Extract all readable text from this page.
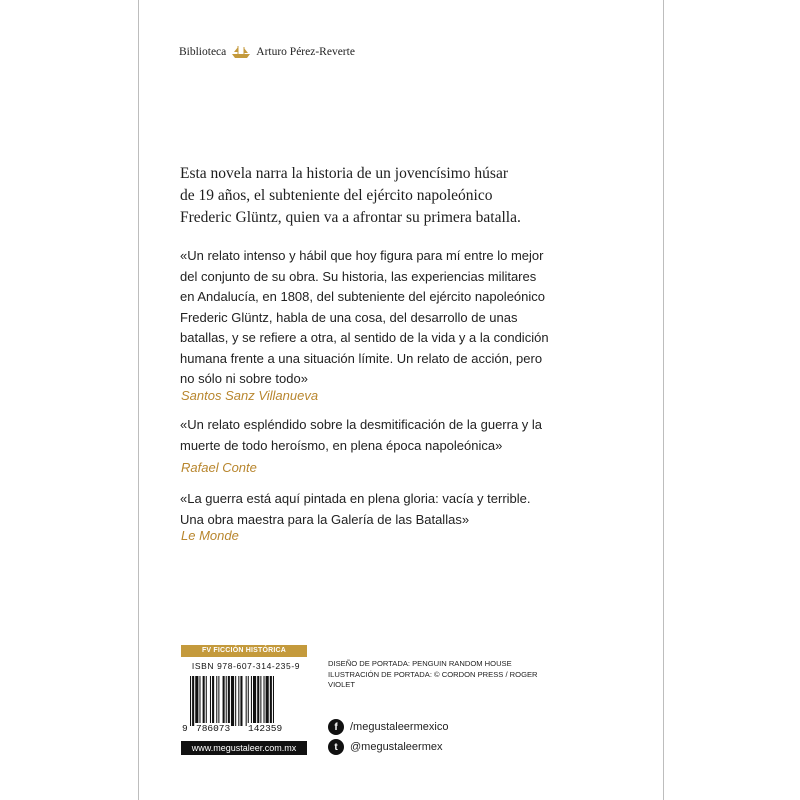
Biblioteca	Arturo Pérez-Reverte

Esta novela narra la historia de un jovencísimo húsar
de 19 años, el subteniente del ejército napoleónico
Frederic Glüntz, quien va a afrontar su primera batalla.

«Un relato intenso y hábil que hoy figura para mí entre lo mejor
del conjunto de su obra. Su historia, las experiencias militares
en Andalucía, en 1808, del subteniente del ejército napoleónico
Frederic Glüntz, habla de una cosa, del desarrollo de unas
batallas, y se refiere a otra, al sentido de la vida y a la condición
humana frente a una situación límite. Un relato de acción, pero
no sólo ni sobre todo»

Santos Sanz Villanueva

«Un relato espléndido sobre la desmitificación de la guerra y la
muerte de todo heroísmo, en plena época napoleónica»

Rafael Conte

«La guerra está aquí pintada en plena gloria: vacía y terrible.
Una obra maestra para la Galería de las Batallas»

Le Monde
FV FICCIÓN HISTÓRICA
ISBN 978-607-314-235-9
9 786073 142359
www.megustaleer.com.mx
DISEÑO DE PORTADA: PENGUIN RANDOM HOUSE
ILUSTRACIÓN DE PORTADA: © CORDON PRESS / ROGER
VIOLET
f	/megustaleermexico
t	@megustaleermex
